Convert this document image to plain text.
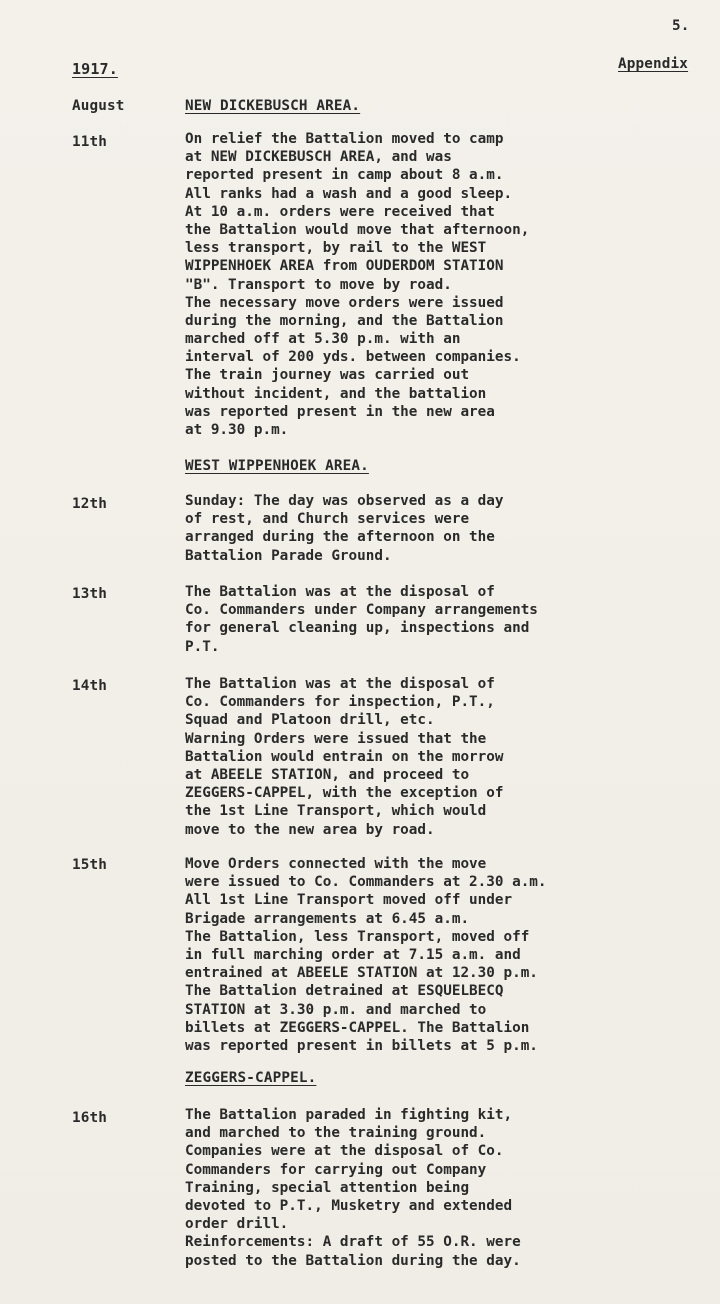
5.
1917.	Appendix
August	NEW DICKEBUSCH AREA.
11th	On relief the Battalion moved to camp
at NEW DICKEBUSCH AREA, and was
reported present in camp about 8 a.m.
All ranks had a wash and a good sleep.
At 10 a.m. orders were received that
the Battalion would move that afternoon,
less transport, by rail to the WEST
WIPPENHOEK AREA from OUDERDOM STATION
"B". Transport to move by road.
The necessary move orders were issued
during the morning, and the Battalion
marched off at 5.30 p.m. with an
interval of 200 yds. between companies.
The train journey was carried out
without incident, and the battalion
was reported present in the new area
at 9.30 p.m.
WEST WIPPENHOEK AREA.
12th	Sunday: The day was observed as a day
of rest, and Church services were
arranged during the afternoon on the
Battalion Parade Ground.
13th	The Battalion was at the disposal of
Co. Commanders under Company arrangements
for general cleaning up, inspections and
P.T.
14th	The Battalion was at the disposal of
Co. Commanders for inspection, P.T.,
Squad and Platoon drill, etc.
Warning Orders were issued that the
Battalion would entrain on the morrow
at ABEELE STATION, and proceed to
ZEGGERS-CAPPEL, with the exception of
the 1st Line Transport, which would
move to the new area by road.
15th	Move Orders connected with the move
were issued to Co. Commanders at 2.30 a.m.
All 1st Line Transport moved off under
Brigade arrangements at 6.45 a.m.
The Battalion, less Transport, moved off
in full marching order at 7.15 a.m. and
entrained at ABEELE STATION at 12.30 p.m.
The Battalion detrained at ESQUELBECQ
STATION at 3.30 p.m. and marched to
billets at ZEGGERS-CAPPEL. The Battalion
was reported present in billets at 5 p.m.
ZEGGERS-CAPPEL.
16th	The Battalion paraded in fighting kit,
and marched to the training ground.
Companies were at the disposal of Co.
Commanders for carrying out Company
Training, special attention being
devoted to P.T., Musketry and extended
order drill.
Reinforcements: A draft of 55 O.R. were
posted to the Battalion during the day.
